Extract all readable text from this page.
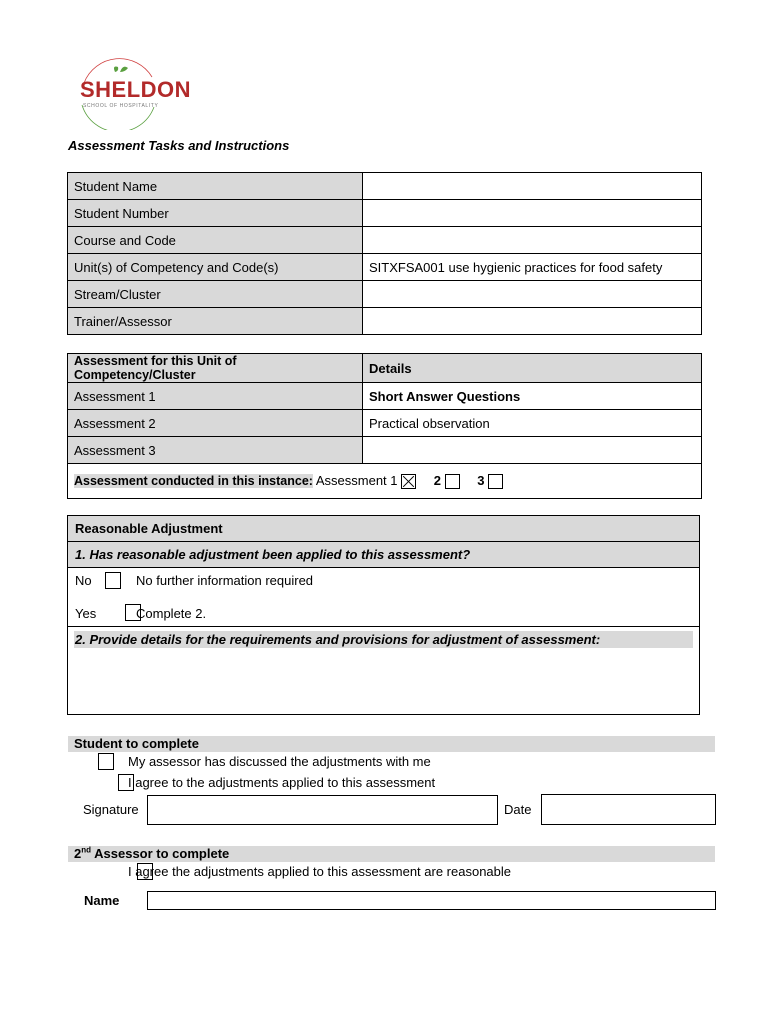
SHELDON
SCHOOL OF HOSPITALITY
Assessment Tasks and Instructions
Student Name	
Student Number	
Course and Code	
Unit(s) of Competency and Code(s)	SITXFSA001 use hygienic practices for food safety
Stream/Cluster	
Trainer/Assessor	
Assessment for this Unit of Competency/Cluster	Details
Assessment 1	Short Answer Questions
Assessment 2	Practical observation
Assessment 3	
Assessment conducted in this instance: Assessment 1 2 3	
Reasonable Adjustment
1. Has reasonable adjustment been applied to this assessment?
No
	No further information required
Yes	Complete 2.
2. Provide details for the requirements and provisions for adjustment of assessment:
Student to complete

My assessor has discussed the adjustments with me

I agree to the adjustments applied to this assessment
Signature	Date
2nd Assessor to complete
I agree the adjustments applied to this assessment are reasonable
Name
